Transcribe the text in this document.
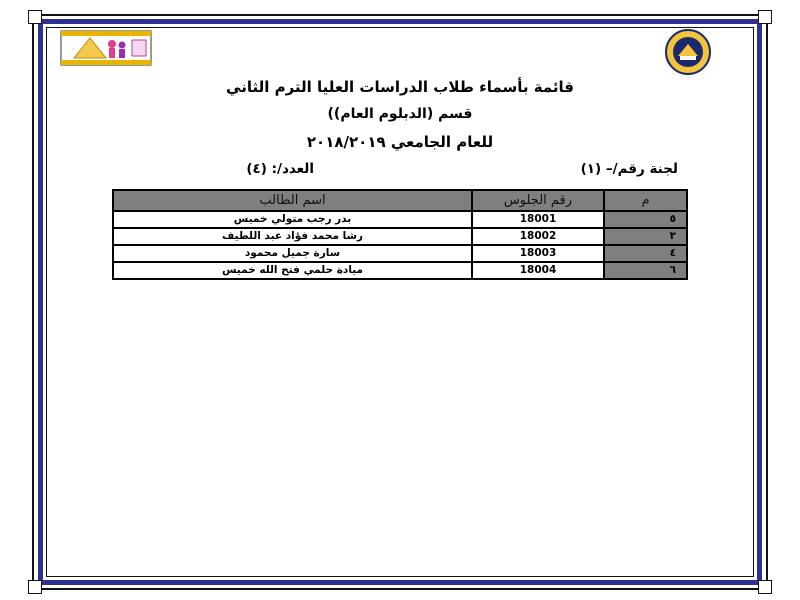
قائمة بأسماء طلاب الدراسات العليا الترم الثاني
قسم (الدبلوم العام))
للعام الجامعي ٢٠١٨/٢٠١٩
لجنة رقم/– (١)
العدد/: (٤)
م	رقم الجلوس	اسم الطالب
٥	18001	بدر رجب متولي خميس
٣	18002	رشا محمد فؤاد عبد اللطيف
٤	18003	سارة جميل محمود
٦	18004	ميادة حلمي فتح الله خميس
